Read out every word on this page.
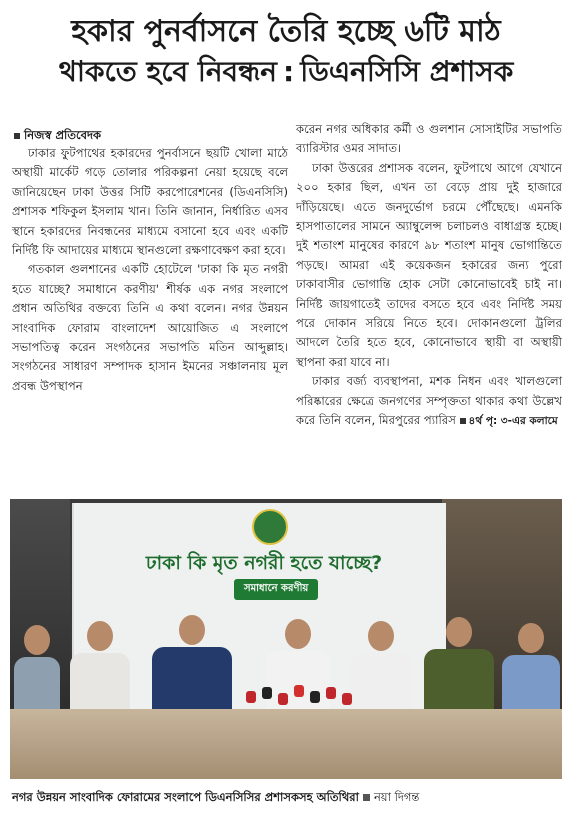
হকার পুনর্বাসনে তৈরি হচ্ছে ৬টি মাঠ
থাকতে হবে নিবন্ধন : ডিএনসিসি প্রশাসক
নিজস্ব প্রতিবেদক

ঢাকার ফুটপাথের হকারদের পুনর্বাসনে ছয়টি খোলা মাঠে অস্থায়ী মার্কেট গড়ে তোলার পরিকল্পনা নেয়া হয়েছে বলে জানিয়েছেন ঢাকা উত্তর সিটি করপোরেশনের (ডিএনসিসি) প্রশাসক শফিকুল ইসলাম খান। তিনি জানান, নির্ধারিত এসব স্থানে হকারদের নিবন্ধনের মাধ্যমে বসানো হবে এবং একটি নির্দিষ্ট ফি আদায়ের মাধ্যমে স্থানগুলো রক্ষণাবেক্ষণ করা হবে।

গতকাল গুলশানের একটি হোটেলে 'ঢাকা কি মৃত নগরী হতে যাচ্ছে? সমাধানে করণীয়' শীর্ষক এক নগর সংলাপে প্রধান অতিথির বক্তব্যে তিনি এ কথা বলেন। নগর উন্নয়ন সাংবাদিক ফোরাম বাংলাদেশ আয়োজিত এ সংলাপে সভাপতিত্ব করেন সংগঠনের সভাপতি মতিন আব্দুল্লাহ। সংগঠনের সাধারণ সম্পাদক হাসান ইমনের সঞ্চালনায় মূল প্রবন্ধ উপস্থাপন

করেন নগর অধিকার কর্মী ও গুলশান সোসাইটির সভাপতি ব্যারিস্টার ওমর সাদাত।

ঢাকা উত্তরের প্রশাসক বলেন, ফুটপাথে আগে যেখানে ২০০ হকার ছিল, এখন তা বেড়ে প্রায় দুই হাজারে দাঁড়িয়েছে। এতে জনদুর্ভোগ চরমে পৌঁছেছে। এমনকি হাসপাতালের সামনে অ্যাম্বুলেন্স চলাচলও বাধাগ্রস্ত হচ্ছে। দুই শতাংশ মানুষের কারণে ৯৮ শতাংশ মানুষ ভোগান্তিতে পড়ছে। আমরা এই কয়েকজন হকারের জন্য পুরো ঢাকাবাসীর ভোগান্তি হোক সেটা কোনোভাবেই চাই না। নির্দিষ্ট জায়গাতেই তাদের বসতে হবে এবং নির্দিষ্ট সময় পরে দোকান সরিয়ে নিতে হবে। দোকানগুলো ট্রলির আদলে তৈরি হতে হবে, কোনোভাবে স্থায়ী বা অস্থায়ী স্থাপনা করা যাবে না।

ঢাকার বর্জ্য ব্যবস্থাপনা, মশক নিধন এবং খালগুলো পরিষ্কারের ক্ষেত্রে জনগণের সম্পৃক্ততা থাকার কথা উল্লেখ করে তিনি বলেন, মিরপুরের প্যারিস ৪র্থ পৃ: ৩-এর কলামে

ঢাকা কি মৃত নগরী হতে যাচ্ছে?
সমাধানে করণীয়
নগর উন্নয়ন সাংবাদিক ফোরামের সংলাপে ডিএনসিসির প্রশাসকসহ অতিথিরা নয়া দিগন্ত
